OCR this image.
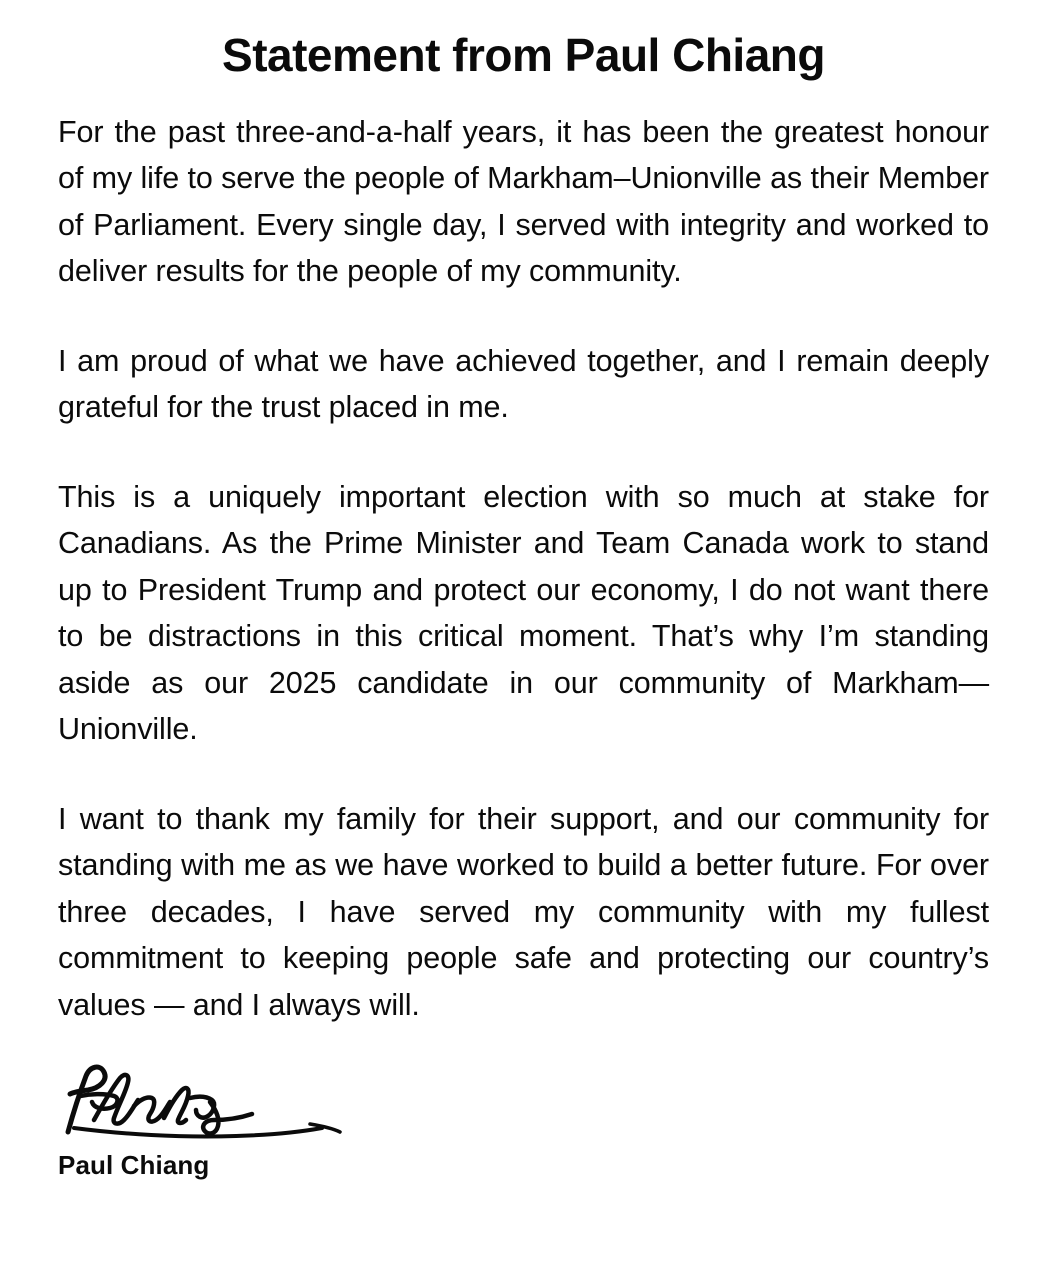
Statement from Paul Chiang

For the past three-and-a-half years, it has been the greatest honour of my life to serve the people of Markham–Unionville as their Member of Parliament. Every single day, I served with integrity and worked to deliver results for the people of my community.

I am proud of what we have achieved together, and I remain deeply grateful for the trust placed in me.

This is a uniquely important election with so much at stake for Canadians. As the Prime Minister and Team Canada work to stand up to President Trump and protect our economy, I do not want there to be distractions in this critical moment. That’s why I’m standing aside as our 2025 candidate in our community of Markham—Unionville.

I want to thank my family for their support, and our community for standing with me as we have worked to build a better future. For over three decades, I have served my community with my fullest commitment to keeping people safe and protecting our country’s values — and I always will.

Paul Chiang
